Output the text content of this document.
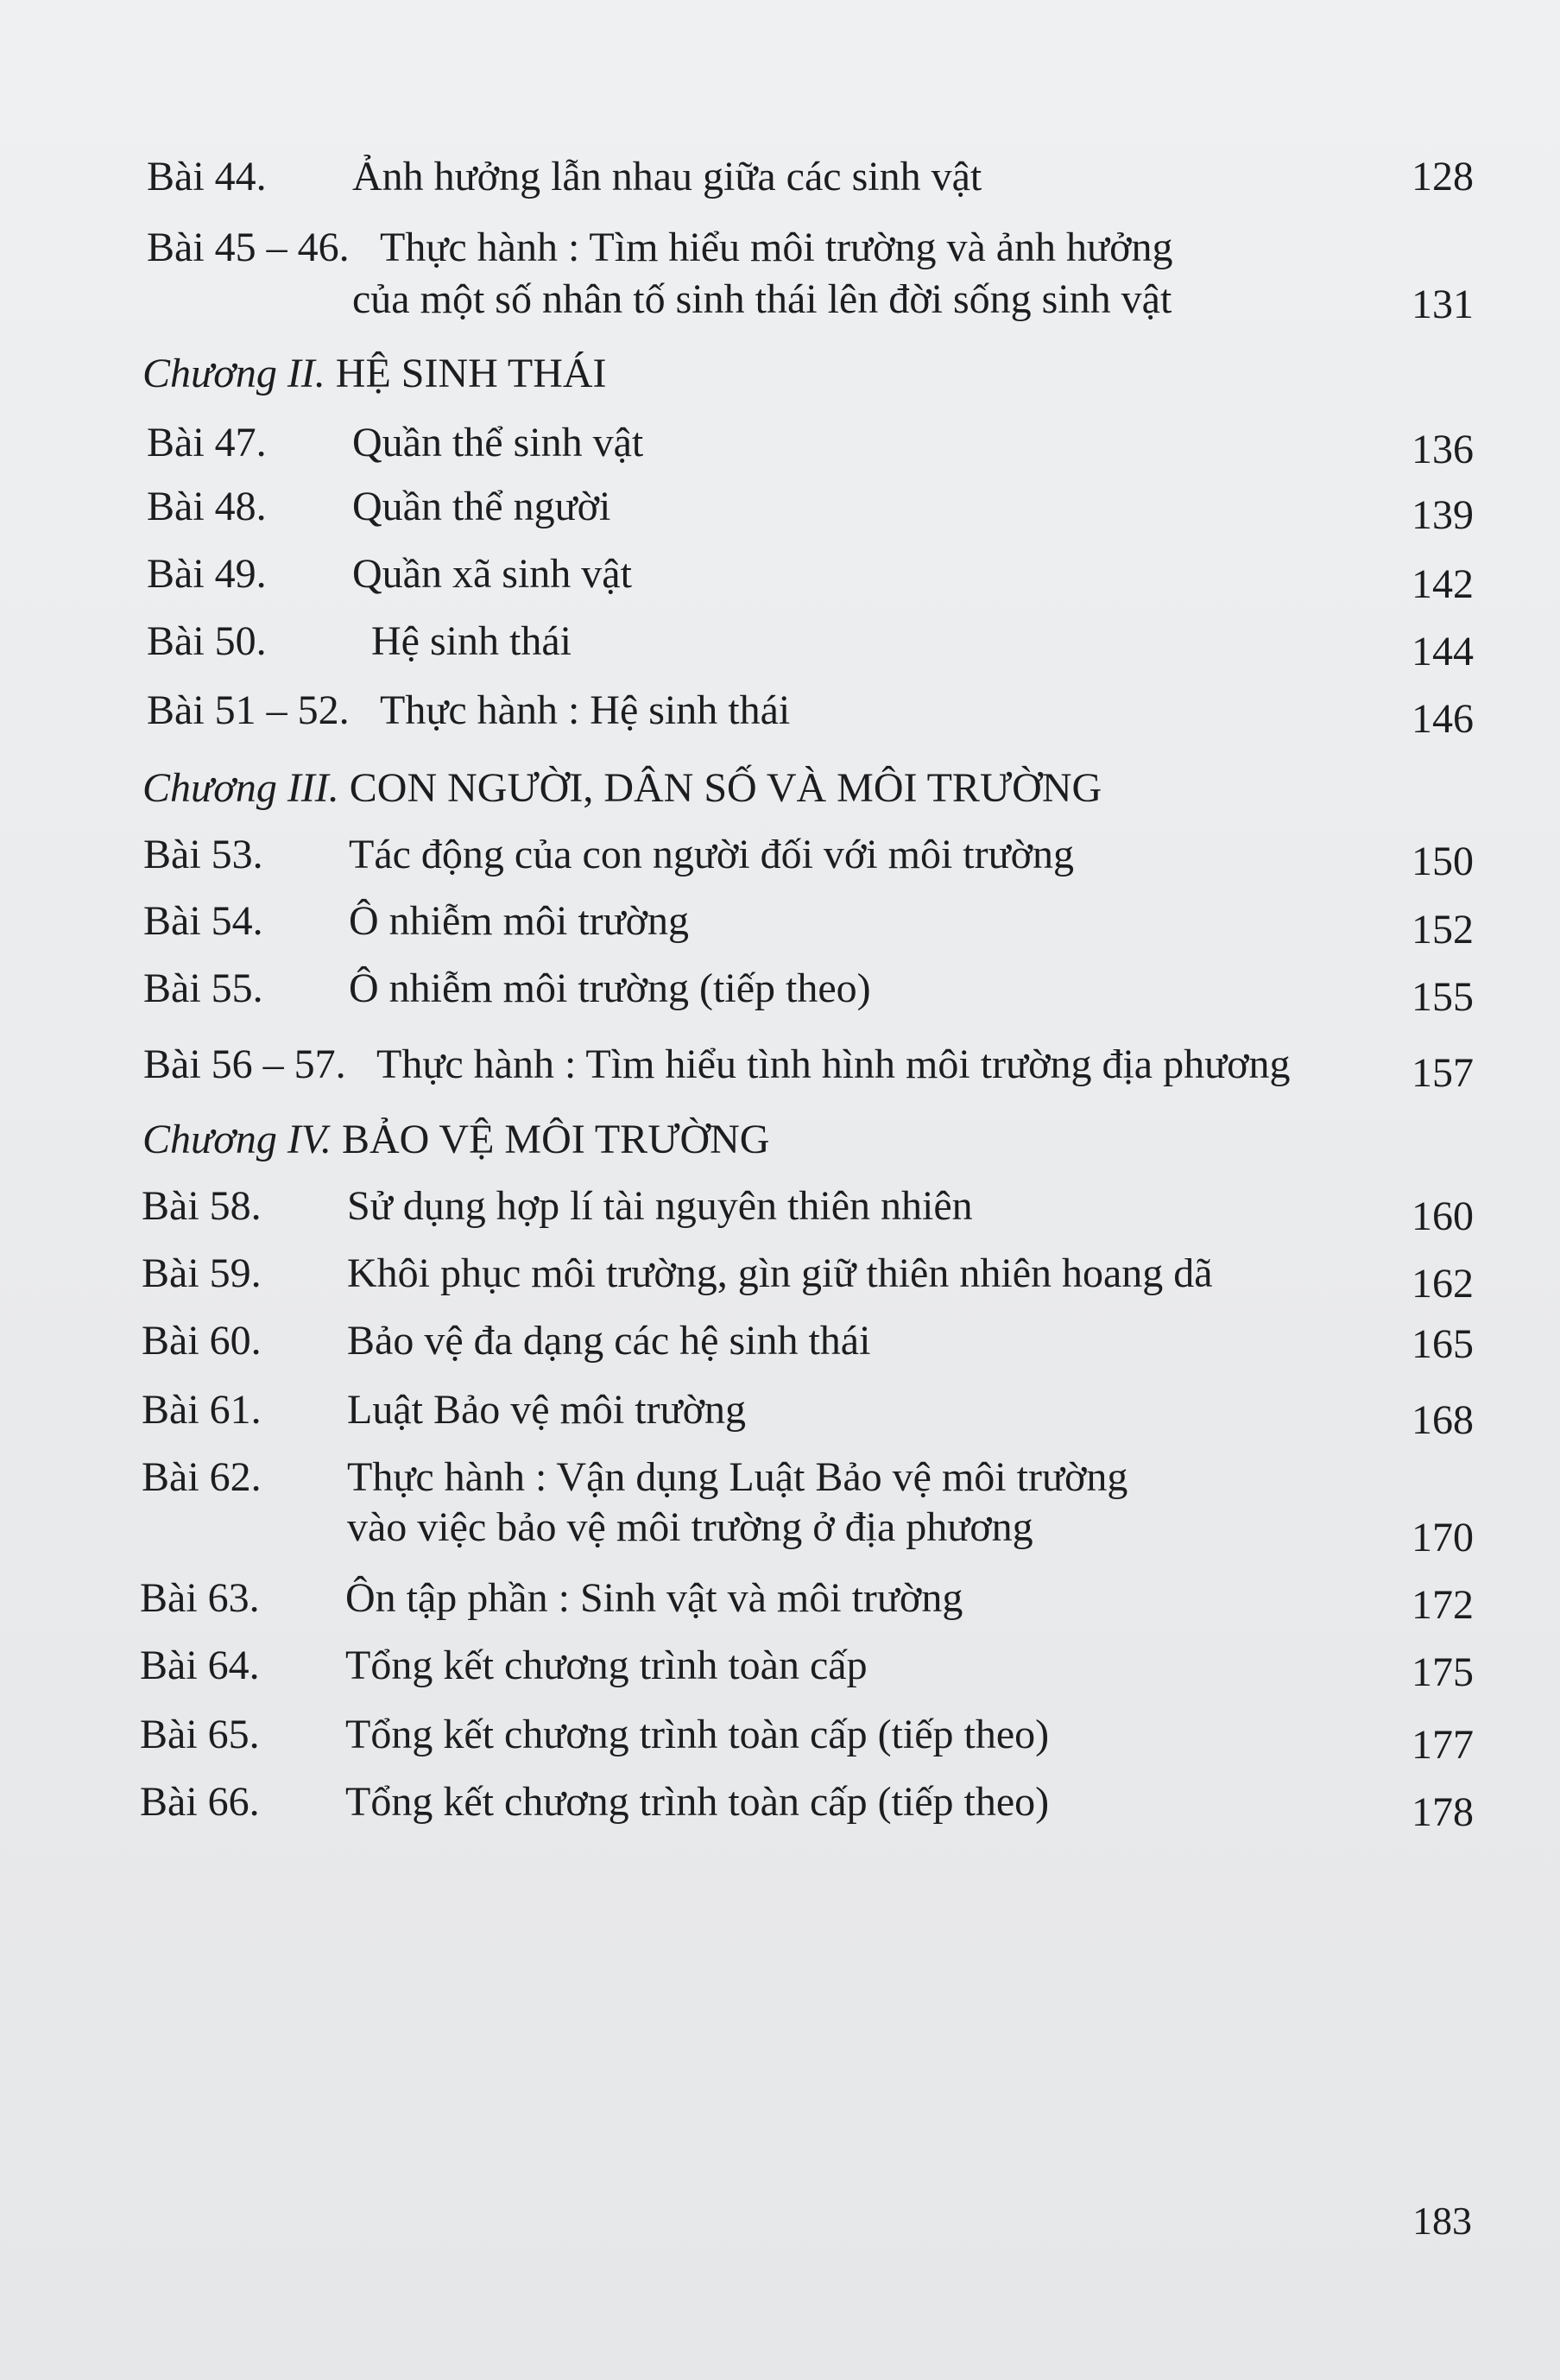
Bài 44. Ảnh hưởng lẫn nhau giữa các sinh vật	128
Bài 45 – 46. Thực hành : Tìm hiểu môi trường và ảnh hưởng
của một số nhân tố sinh thái lên đời sống sinh vật	131
Chương II. HỆ SINH THÁI
Bài 47. Quần thể sinh vật	136
Bài 48. Quần thể người	139
Bài 49. Quần xã sinh vật	142
Bài 50.	Hệ sinh thái	144
Bài 51 – 52. Thực hành : Hệ sinh thái	146
Chương III. CON NGƯỜI, DÂN SỐ VÀ MÔI TRƯỜNG
Bài 53. Tác động của con người đối với môi trường	150
Bài 54. Ô nhiễm môi trường	152
Bài 55. Ô nhiễm môi trường (tiếp theo)	155
Bài 56 – 57. Thực hành : Tìm hiểu tình hình môi trường địa phương	157
Chương IV. BẢO VỆ MÔI TRƯỜNG
Bài 58. Sử dụng hợp lí tài nguyên thiên nhiên	160
Bài 59. Khôi phục môi trường, gìn giữ thiên nhiên hoang dã	162
Bài 60. Bảo vệ đa dạng các hệ sinh thái	165
Bài 61. Luật Bảo vệ môi trường	168
Bài 62. Thực hành : Vận dụng Luật Bảo vệ môi trường
vào việc bảo vệ môi trường ở địa phương	170
Bài 63. Ôn tập phần : Sinh vật và môi trường	172
Bài 64. Tổng kết chương trình toàn cấp	175
Bài 65. Tổng kết chương trình toàn cấp (tiếp theo)	177
Bài 66. Tổng kết chương trình toàn cấp (tiếp theo)	178
183
